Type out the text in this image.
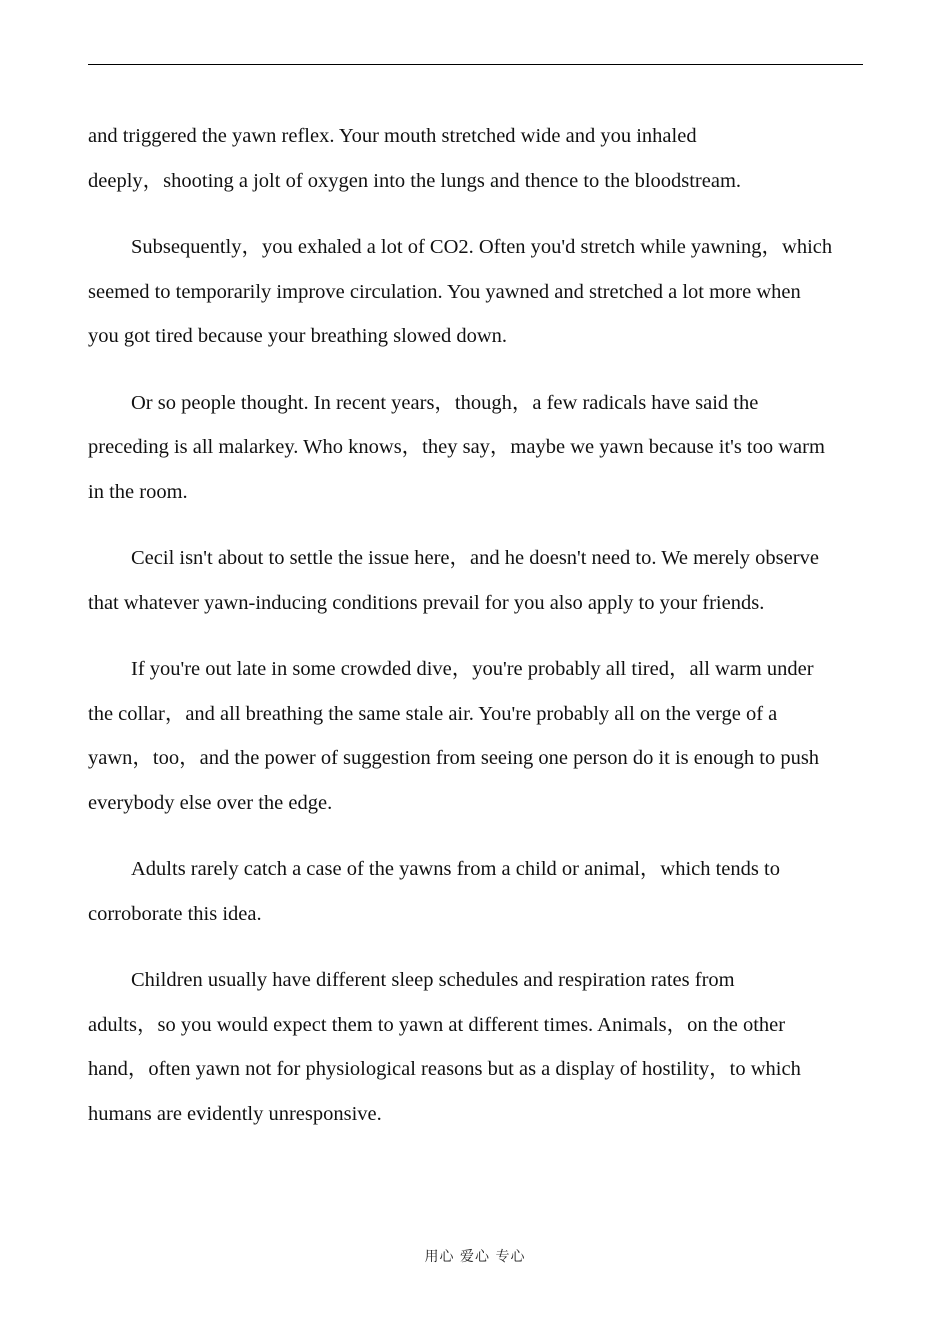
and triggered the yawn reflex. Your mouth stretched wide and you inhaled
deeply，shooting a jolt of oxygen into the lungs and thence to the bloodstream.

Subsequently，you exhaled a lot of CO2. Often you'd stretch while yawning，which
seemed to temporarily improve circulation. You yawned and stretched a lot more when
you got tired because your breathing slowed down.

Or so people thought. In recent years，though，a few radicals have said the
preceding is all malarkey. Who knows，they say，maybe we yawn because it's too warm
in the room.

Cecil isn't about to settle the issue here，and he doesn't need to. We merely observe
that whatever yawn-inducing conditions prevail for you also apply to your friends.

If you're out late in some crowded dive，you're probably all tired，all warm under
the collar，and all breathing the same stale air. You're probably all on the verge of a
yawn，too，and the power of suggestion from seeing one person do it is enough to push
everybody else over the edge.

Adults rarely catch a case of the yawns from a child or animal，which tends to
corroborate this idea.

Children usually have different sleep schedules and respiration rates from
adults，so you would expect them to yawn at different times. Animals，on the other
hand，often yawn not for physiological reasons but as a display of hostility，to which
humans are evidently unresponsive.

用心 爱心 专心
